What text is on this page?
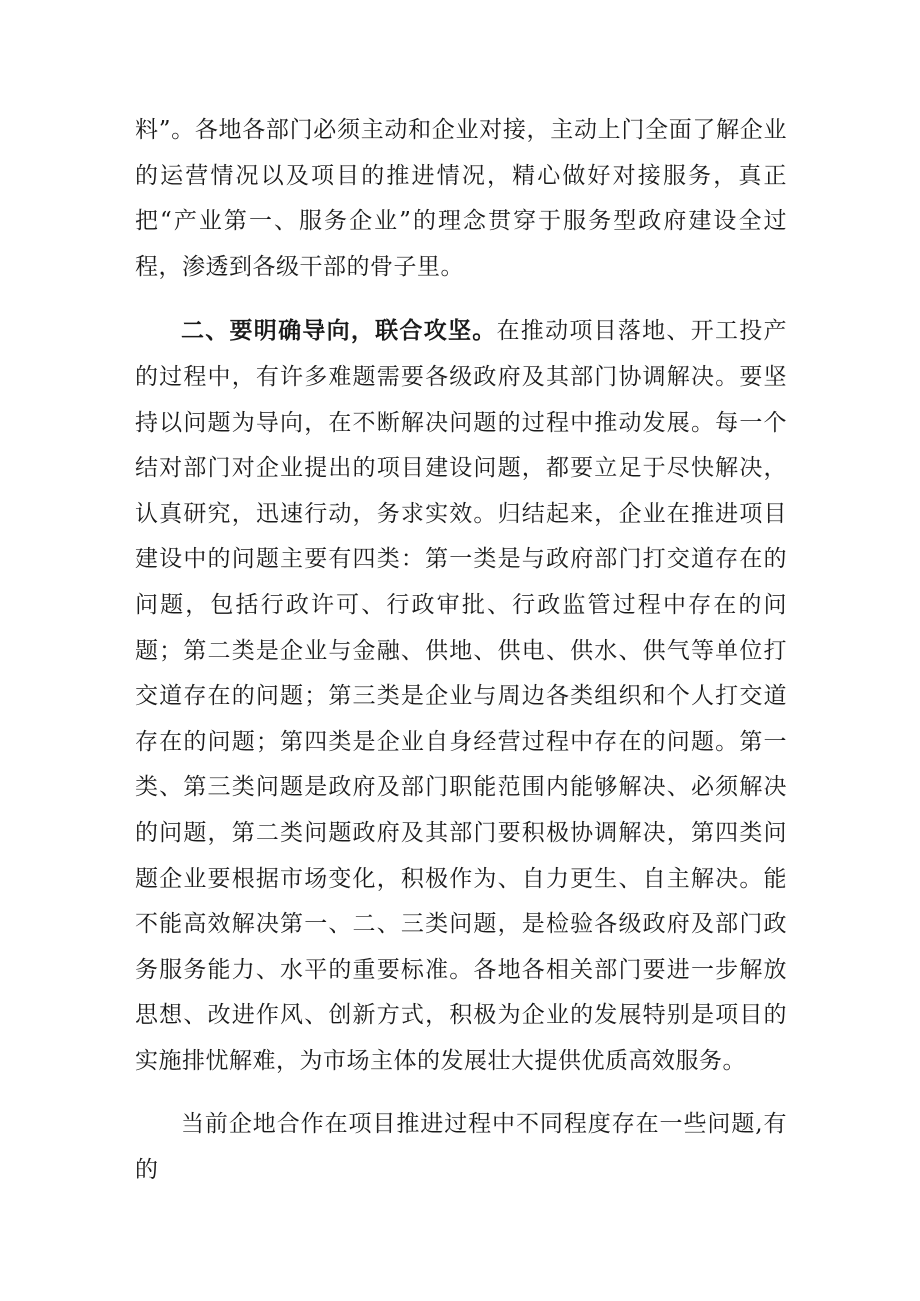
料”。各地各部门必须主动和企业对接，主动上门全面了解企业的运营情况以及项目的推进情况，精心做好对接服务，真正把“产业第一、服务企业”的理念贯穿于服务型政府建设全过程，渗透到各级干部的骨子里。

二、要明确导向，联合攻坚。在推动项目落地、开工投产的过程中，有许多难题需要各级政府及其部门协调解决。要坚持以问题为导向，在不断解决问题的过程中推动发展。每一个结对部门对企业提出的项目建设问题，都要立足于尽快解决，认真研究，迅速行动，务求实效。归结起来，企业在推进项目建设中的问题主要有四类：第一类是与政府部门打交道存在的问题，包括行政许可、行政审批、行政监管过程中存在的问题；第二类是企业与金融、供地、供电、供水、供气等单位打交道存在的问题；第三类是企业与周边各类组织和个人打交道存在的问题；第四类是企业自身经营过程中存在的问题。第一类、第三类问题是政府及部门职能范围内能够解决、必须解决的问题，第二类问题政府及其部门要积极协调解决，第四类问题企业要根据市场变化，积极作为、自力更生、自主解决。能不能高效解决第一、二、三类问题，是检验各级政府及部门政务服务能力、水平的重要标准。各地各相关部门要进一步解放思想、改进作风、创新方式，积极为企业的发展特别是项目的实施排忧解难，为市场主体的发展壮大提供优质高效服务。

当前企地合作在项目推进过程中不同程度存在一些问题,有的
